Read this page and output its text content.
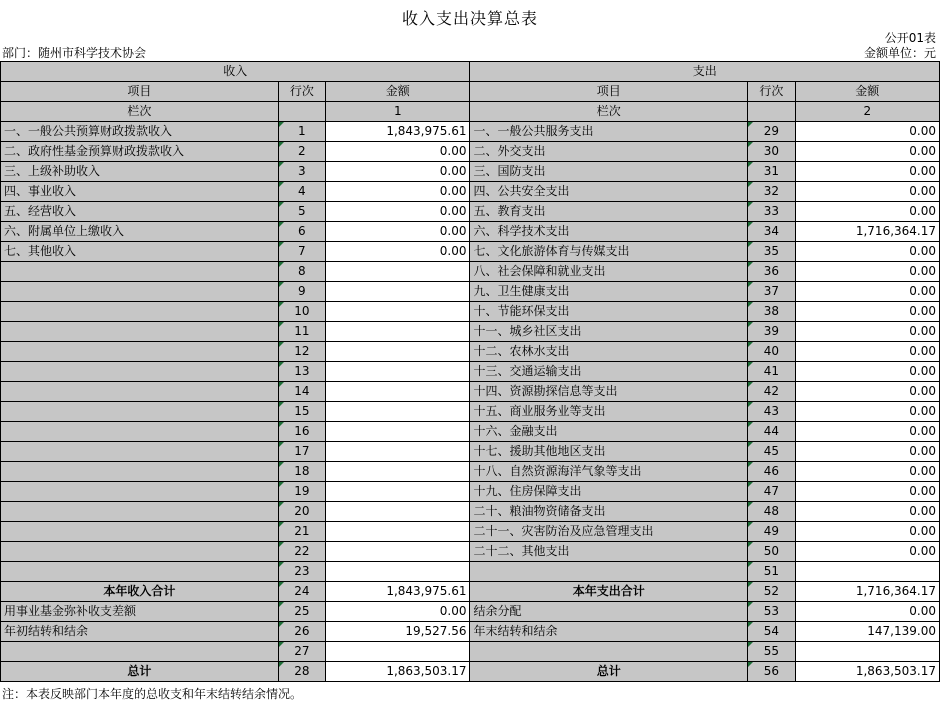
收入支出决算总表
公开01表
金额单位：元
部门：随州市科学技术协会
收入			支出		
项目	行次	金额	项目	行次	金额
栏次		1	栏次		2
一、一般公共预算财政拨款收入	1	1,843,975.61	一、一般公共服务支出	29	0.00
二、政府性基金预算财政拨款收入	2	0.00	二、外交支出	30	0.00
三、上级补助收入	3	0.00	三、国防支出	31	0.00
四、事业收入	4	0.00	四、公共安全支出	32	0.00
五、经营收入	5	0.00	五、教育支出	33	0.00
六、附属单位上缴收入	6	0.00	六、科学技术支出	34	1,716,364.17
七、其他收入	7	0.00	七、文化旅游体育与传媒支出	35	0.00
	8		八、社会保障和就业支出	36	0.00
	9		九、卫生健康支出	37	0.00
	10		十、节能环保支出	38	0.00
	11		十一、城乡社区支出	39	0.00
	12		十二、农林水支出	40	0.00
	13		十三、交通运输支出	41	0.00
	14		十四、资源勘探信息等支出	42	0.00
	15		十五、商业服务业等支出	43	0.00
	16		十六、金融支出	44	0.00
	17		十七、援助其他地区支出	45	0.00
	18		十八、自然资源海洋气象等支出	46	0.00
	19		十九、住房保障支出	47	0.00
	20		二十、粮油物资储备支出	48	0.00
	21		二十一、灾害防治及应急管理支出	49	0.00
	22		二十二、其他支出	50	0.00
	23			51	
本年收入合计	24	1,843,975.61	本年支出合计	52	1,716,364.17
用事业基金弥补收支差额	25	0.00	结余分配	53	0.00
年初结转和结余	26	19,527.56	年末结转和结余	54	147,139.00
	27			55	
总计	28	1,863,503.17	总计	56	1,863,503.17
注：本表反映部门本年度的总收支和年末结转结余情况。
